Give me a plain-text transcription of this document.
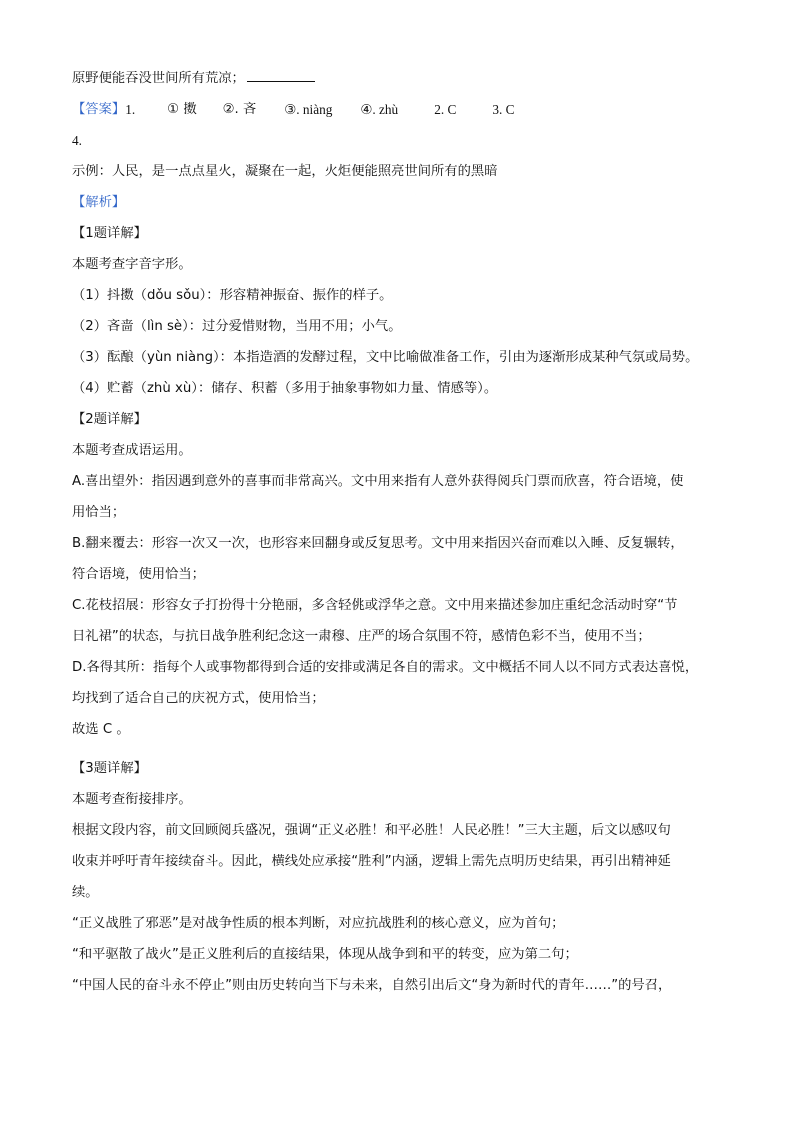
原野便能吞没世间所有荒凉；
【答案】 1. ① 擞 ②. 吝 ③. niàng ④. zhù	2. C	3. C
4.
示例：人民，是一点点星火，凝聚在一起，火炬便能照亮世间所有的黑暗
【解析】
【1题详解】
本题考查字音字形。
（1）抖擞（dǒu sǒu）：形容精神振奋、振作的样子。
（2）吝啬（lìn sè）：过分爱惜财物，当用不用；小气。
（3）酝酿（yùn niàng）：本指造酒的发酵过程，文中比喻做准备工作，引由为逐渐形成某种气氛或局势。
（4）贮蓄（zhù xù）：储存、积蓄（多用于抽象事物如力量、情感等）。
【2题详解】
本题考查成语运用。
A.喜出望外：指因遇到意外的喜事而非常高兴。文中用来指有人意外获得阅兵门票而欣喜，符合语境，使
用恰当；
B.翻来覆去：形容一次又一次，也形容来回翻身或反复思考。文中用来指因兴奋而难以入睡、反复辗转，
符合语境，使用恰当；
C.花枝招展：形容女子打扮得十分艳丽，多含轻佻或浮华之意。文中用来描述参加庄重纪念活动时穿“节
日礼裙”的状态，与抗日战争胜利纪念这一肃穆、庄严的场合氛围不符，感情色彩不当，使用不当；
D.各得其所：指每个人或事物都得到合适的安排或满足各自的需求。文中概括不同人以不同方式表达喜悦，
均找到了适合自己的庆祝方式，使用恰当；
故选 C 。
【3题详解】
本题考查衔接排序。
根据文段内容，前文回顾阅兵盛况，强调“正义必胜！和平必胜！人民必胜！”三大主题，后文以感叹句
收束并呼吁青年接续奋斗。因此，横线处应承接“胜利”内涵，逻辑上需先点明历史结果，再引出精神延
续。
“正义战胜了邪恶”是对战争性质的根本判断，对应抗战胜利的核心意义，应为首句；
“和平驱散了战火”是正义胜利后的直接结果，体现从战争到和平的转变，应为第二句；
“中国人民的奋斗永不停止”则由历史转向当下与未来，自然引出后文“身为新时代的青年……”的号召，
